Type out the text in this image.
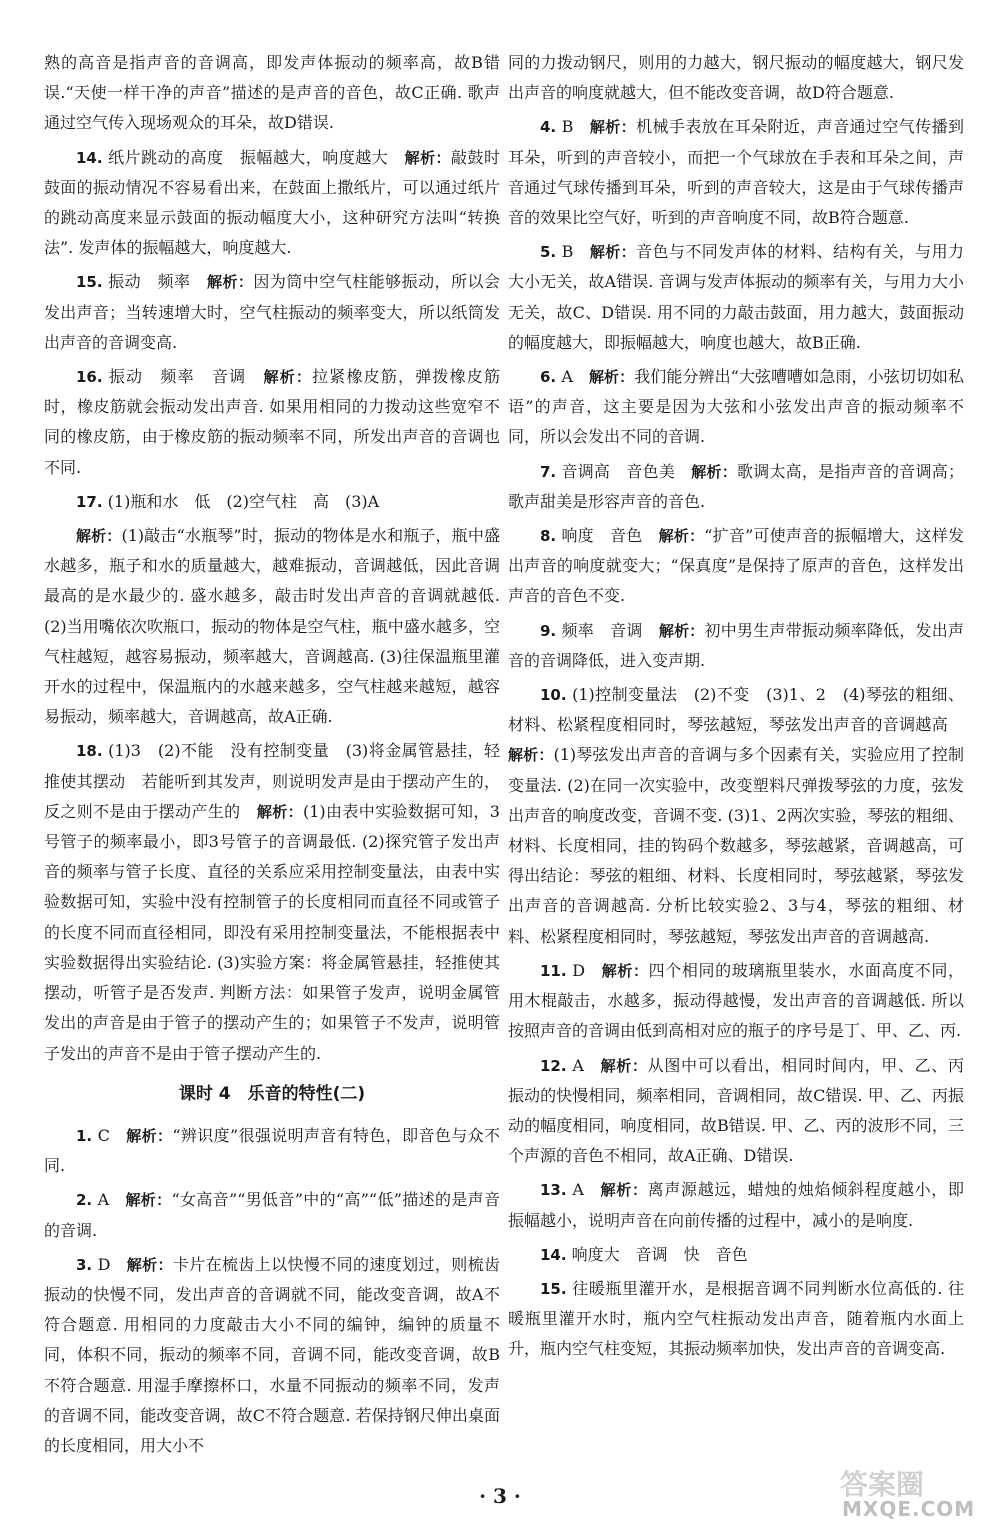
熟的高音是指声音的音调高，即发声体振动的频率高，故B错误.“天使一样干净的声音”描述的是声音的音色，故C正确. 歌声通过空气传入现场观众的耳朵，故D错误.

14. 纸片跳动的高度　振幅越大，响度越大 解析：敲鼓时鼓面的振动情况不容易看出来，在鼓面上撒纸片，可以通过纸片的跳动高度来显示鼓面的振动幅度大小，这种研究方法叫“转换法”. 发声体的振幅越大，响度越大.

15. 振动　频率 解析：因为筒中空气柱能够振动，所以会发出声音；当转速增大时，空气柱振动的频率变大，所以纸筒发出声音的音调变高.

16. 振动　频率　音调 解析：拉紧橡皮筋，弹拨橡皮筋时，橡皮筋就会振动发出声音. 如果用相同的力拨动这些宽窄不同的橡皮筋，由于橡皮筋的振动频率不同，所发出声音的音调也不同.

17. (1)瓶和水　低　(2)空气柱　高　(3)A

解析：(1)敲击“水瓶琴”时，振动的物体是水和瓶子，瓶中盛水越多，瓶子和水的质量越大，越难振动，音调越低，因此音调最高的是水最少的. 盛水越多，敲击时发出声音的音调就越低. (2)当用嘴依次吹瓶口，振动的物体是空气柱，瓶中盛水越多，空气柱越短，越容易振动，频率越大，音调越高. (3)往保温瓶里灌开水的过程中，保温瓶内的水越来越多，空气柱越来越短，越容易振动，频率越大，音调越高，故A正确.

18. (1)3　(2)不能　没有控制变量　(3)将金属管悬挂，轻推使其摆动　若能听到其发声，则说明发声是由于摆动产生的，反之则不是由于摆动产生的 解析：(1)由表中实验数据可知，3号管子的频率最小，即3号管子的音调最低. (2)探究管子发出声音的频率与管子长度、直径的关系应采用控制变量法，由表中实验数据可知，实验中没有控制管子的长度相同而直径不同或管子的长度不同而直径相同，即没有采用控制变量法，不能根据表中实验数据得出实验结论. (3)实验方案：将金属管悬挂，轻推使其摆动，听管子是否发声. 判断方法：如果管子发声，说明金属管发出的声音是由于管子的摆动产生的；如果管子不发声，说明管子发出的声音不是由于管子摆动产生的.

课时 4　乐音的特性(二)

1. C 解析：“辨识度”很强说明声音有特色，即音色与众不同.

2. A 解析：“女高音”“男低音”中的“高”“低”描述的是声音的音调.

3. D 解析：卡片在梳齿上以快慢不同的速度划过，则梳齿振动的快慢不同，发出声音的音调就不同，能改变音调，故A不符合题意. 用相同的力度敲击大小不同的编钟，编钟的质量不同，体积不同，振动的频率不同，音调不同，能改变音调，故B不符合题意. 用湿手摩擦杯口，水量不同振动的频率不同，发声的音调不同，能改变音调，故C不符合题意. 若保持钢尺伸出桌面的长度相同，用大小不

同的力拨动钢尺，则用的力越大，钢尺振动的幅度越大，钢尺发出声音的响度就越大，但不能改变音调，故D符合题意.

4. B 解析：机械手表放在耳朵附近，声音通过空气传播到耳朵，听到的声音较小，而把一个气球放在手表和耳朵之间，声音通过气球传播到耳朵，听到的声音较大，这是由于气球传播声音的效果比空气好，听到的声音响度不同，故B符合题意.

5. B 解析：音色与不同发声体的材料、结构有关，与用力大小无关，故A错误. 音调与发声体振动的频率有关，与用力大小无关，故C、D错误. 用不同的力敲击鼓面，用力越大，鼓面振动的幅度越大，即振幅越大，响度也越大，故B正确.

6. A 解析：我们能分辨出“大弦嘈嘈如急雨，小弦切切如私语”的声音，这主要是因为大弦和小弦发出声音的振动频率不同，所以会发出不同的音调.

7. 音调高　音色美 解析：歌调太高，是指声音的音调高；歌声甜美是形容声音的音色.

8. 响度　音色 解析：“扩音”可使声音的振幅增大，这样发出声音的响度就变大；“保真度”是保持了原声的音色，这样发出声音的音色不变.

9. 频率　音调 解析：初中男生声带振动频率降低，发出声音的音调降低，进入变声期.

10. (1)控制变量法　(2)不变　(3)1、2　(4)琴弦的粗细、材料、松紧程度相同时，琴弦越短，琴弦发出声音的音调越高解析：(1)琴弦发出声音的音调与多个因素有关，实验应用了控制变量法. (2)在同一次实验中，改变塑料尺弹拨琴弦的力度，弦发出声音的响度改变，音调不变. (3)1、2两次实验，琴弦的粗细、材料、长度相同，挂的钩码个数越多，琴弦越紧，音调越高，可得出结论：琴弦的粗细、材料、长度相同时，琴弦越紧，琴弦发出声音的音调越高. 分析比较实验2、3与4，琴弦的粗细、材料、松紧程度相同时，琴弦越短，琴弦发出声音的音调越高.

11. D 解析：四个相同的玻璃瓶里装水，水面高度不同，用木棍敲击，水越多，振动得越慢，发出声音的音调越低. 所以按照声音的音调由低到高相对应的瓶子的序号是丁、甲、乙、丙.

12. A 解析：从图中可以看出，相同时间内，甲、乙、丙振动的快慢相同，频率相同，音调相同，故C错误. 甲、乙、丙振动的幅度相同，响度相同，故B错误. 甲、乙、丙的波形不同，三个声源的音色不相同，故A正确、D错误.

13. A 解析：离声源越远，蜡烛的烛焰倾斜程度越小，即振幅越小，说明声音在向前传播的过程中，减小的是响度.

14. 响度大　音调　快　音色

15. 往暖瓶里灌开水，是根据音调不同判断水位高低的. 往暖瓶里灌开水时，瓶内空气柱振动发出声音，随着瓶内水面上升，瓶内空气柱变短，其振动频率加快，发出声音的音调变高.

· 3 ·	答案圈
MXQE.COM
